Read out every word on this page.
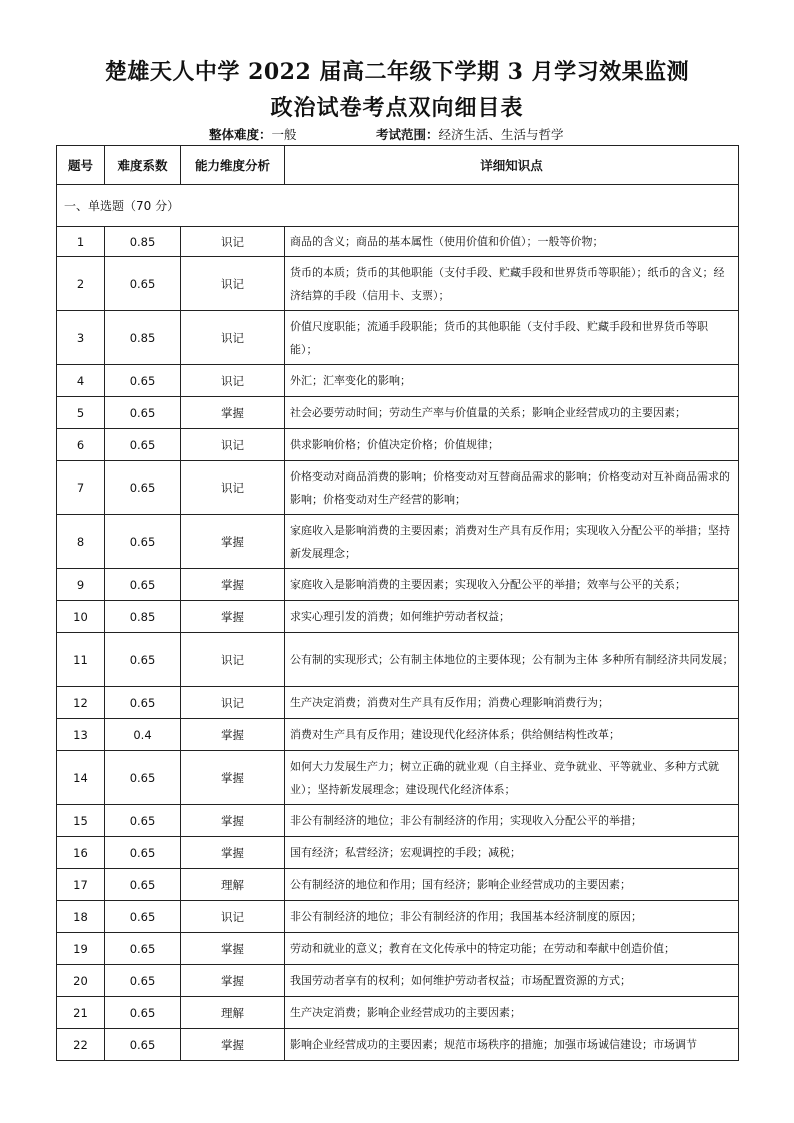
楚雄天人中学 2022 届高二年级下学期 3 月学习效果监测
政治试卷考点双向细目表
整体难度：一般	考试范围：经济生活、生活与哲学
题号	难度系数	能力维度分析	详细知识点
一、单选题（70 分）			
1	0.85	识记	商品的含义；商品的基本属性（使用价值和价值）；一般等价物；
2	0.65	识记	货币的本质；货币的其他职能（支付手段、贮藏手段和世界货币等职能）；纸币的含义；经济结算的手段（信用卡、支票）；
3	0.85	识记	价值尺度职能；流通手段职能；货币的其他职能（支付手段、贮藏手段和世界货币等职能）；
4	0.65	识记	外汇；汇率变化的影响；
5	0.65	掌握	社会必要劳动时间；劳动生产率与价值量的关系；影响企业经营成功的主要因素；
6	0.65	识记	供求影响价格；价值决定价格；价值规律；
7	0.65	识记	价格变动对商品消费的影响；价格变动对互替商品需求的影响；价格变动对互补商品需求的影响；价格变动对生产经营的影响；
8	0.65	掌握	家庭收入是影响消费的主要因素；消费对生产具有反作用；实现收入分配公平的举措；坚持新发展理念；
9	0.65	掌握	家庭收入是影响消费的主要因素；实现收入分配公平的举措；效率与公平的关系；
10	0.85	掌握	求实心理引发的消费；如何维护劳动者权益；
11	0.65	识记	公有制的实现形式；公有制主体地位的主要体现；公有制为主体 多种所有制经济共同发展；
12	0.65	识记	生产决定消费；消费对生产具有反作用；消费心理影响消费行为；
13	0.4	掌握	消费对生产具有反作用；建设现代化经济体系；供给侧结构性改革；
14	0.65	掌握	如何大力发展生产力；树立正确的就业观（自主择业、竞争就业、平等就业、多种方式就业）；坚持新发展理念；建设现代化经济体系；
15	0.65	掌握	非公有制经济的地位；非公有制经济的作用；实现收入分配公平的举措；
16	0.65	掌握	国有经济；私营经济；宏观调控的手段；减税；
17	0.65	理解	公有制经济的地位和作用；国有经济；影响企业经营成功的主要因素；
18	0.65	识记	非公有制经济的地位；非公有制经济的作用；我国基本经济制度的原因；
19	0.65	掌握	劳动和就业的意义；教育在文化传承中的特定功能；在劳动和奉献中创造价值；
20	0.65	掌握	我国劳动者享有的权利；如何维护劳动者权益；市场配置资源的方式；
21	0.65	理解	生产决定消费；影响企业经营成功的主要因素；
22	0.65	掌握	影响企业经营成功的主要因素；规范市场秩序的措施；加强市场诚信建设；市场调节
